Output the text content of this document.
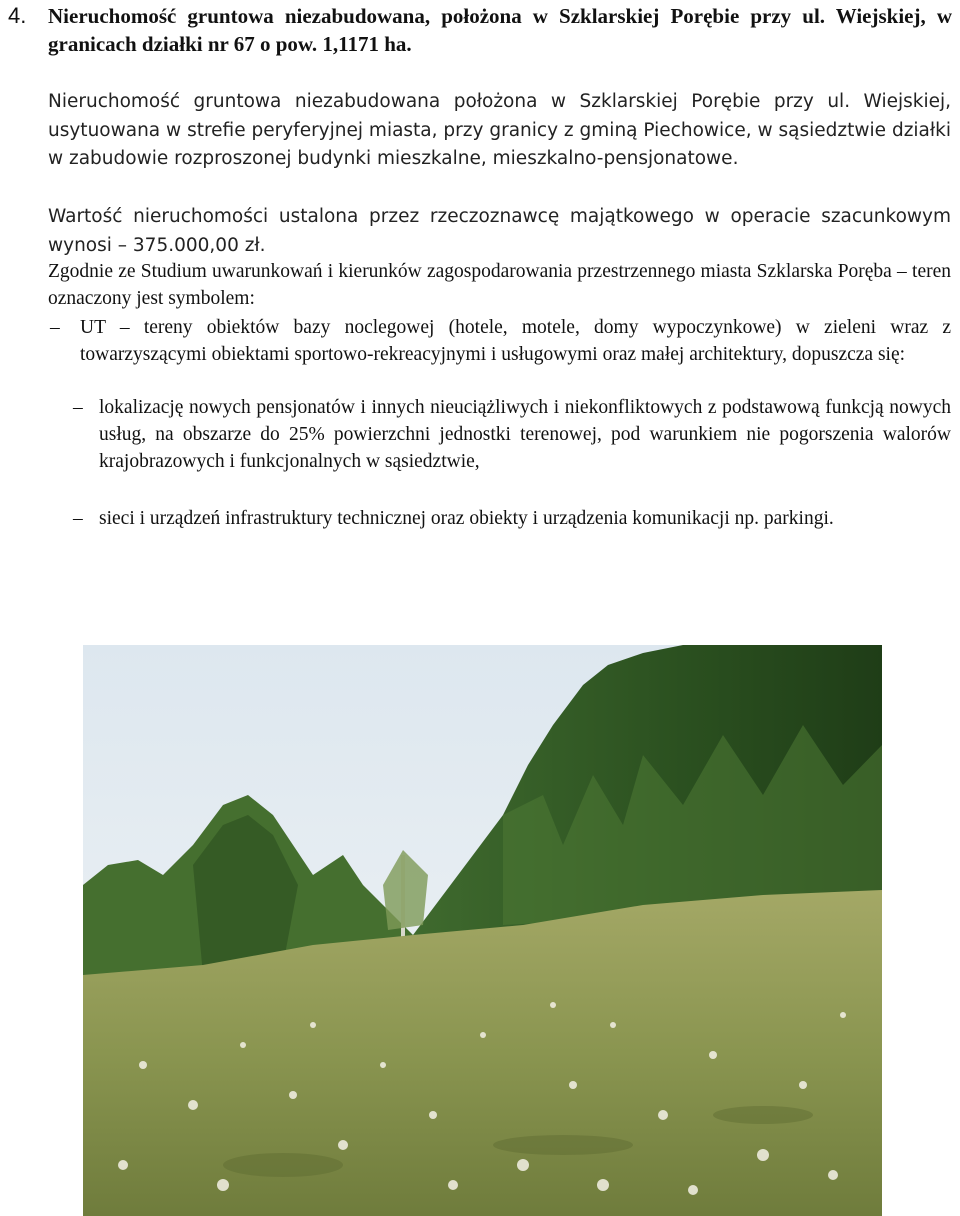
4. Nieruchomość gruntowa niezabudowana, położona w Szklarskiej Porębie przy ul. Wiejskiej, w granicach działki nr 67 o pow. 1,1171 ha.
Nieruchomość gruntowa niezabudowana położona w Szklarskiej Porębie przy ul. Wiejskiej, usytuowana w strefie peryferyjnej miasta, przy granicy z gminą Piechowice, w sąsiedztwie działki w zabudowie rozproszonej budynki mieszkalne, mieszkalno-pensjonatowe.
Wartość nieruchomości ustalona przez rzeczoznawcę majątkowego w operacie szacunkowym wynosi – 375.000,00 zł.
Zgodnie ze Studium uwarunkowań i kierunków zagospodarowania przestrzennego miasta Szklarska Poręba – teren oznaczony jest symbolem:
– UT – tereny obiektów bazy noclegowej (hotele, motele, domy wypoczynkowe) w zieleni wraz z towarzyszącymi obiektami sportowo-rekreacyjnymi i usługowymi oraz małej architektury, dopuszcza się:
– lokalizację nowych pensjonatów i innych nieuciążliwych i niekonfliktowych z podstawową funkcją nowych usług, na obszarze do 25% powierzchni jednostki terenowej, pod warunkiem nie pogorszenia walorów krajobrazowych i funkcjonalnych w sąsiedztwie,
– sieci i urządzeń infrastruktury technicznej oraz obiekty i urządzenia komunikacji np. parkingi.
